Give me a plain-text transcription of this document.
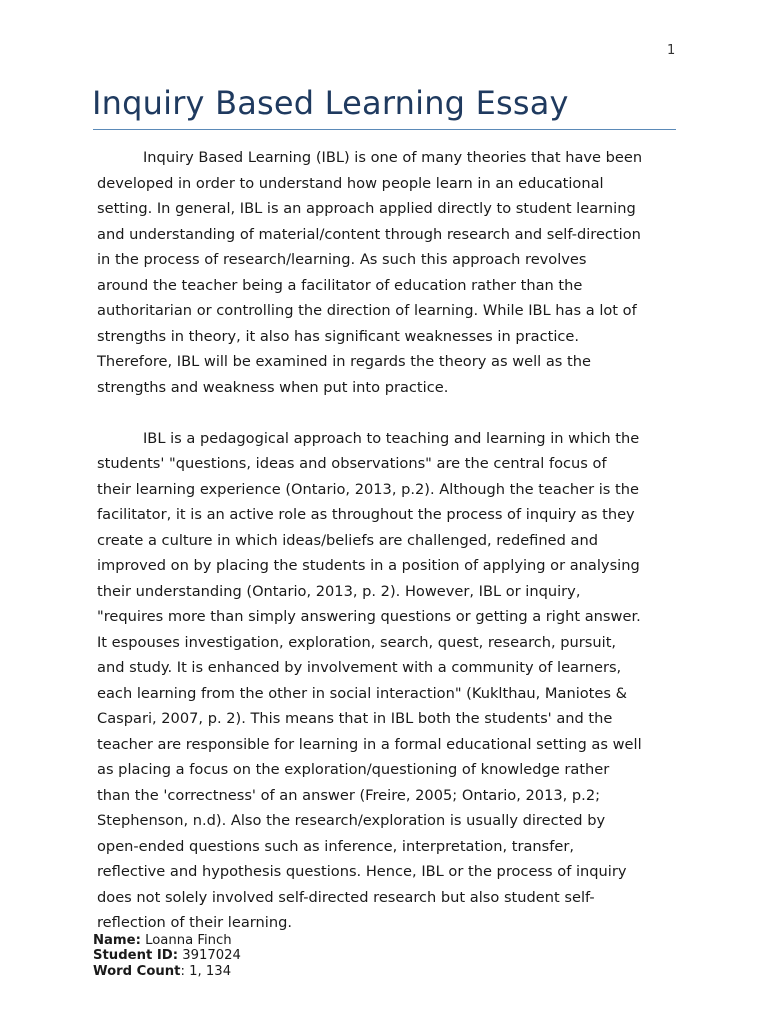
1
Inquiry Based Learning Essay
Inquiry Based Learning (IBL) is one of many theories that have been
developed in order to understand how people learn in an educational
setting. In general, IBL is an approach applied directly to student learning
and understanding of material/content through research and self-direction
in the process of research/learning. As such this approach revolves
around the teacher being a facilitator of education rather than the
authoritarian or controlling the direction of learning. While IBL has a lot of
strengths in theory, it also has significant weaknesses in practice.
Therefore, IBL will be examined in regards the theory as well as the
strengths and weakness when put into practice.
IBL is a pedagogical approach to teaching and learning in which the
students' "questions, ideas and observations" are the central focus of
their learning experience (Ontario, 2013, p.2). Although the teacher is the
facilitator, it is an active role as throughout the process of inquiry as they
create a culture in which ideas/beliefs are challenged, redefined and
improved on by placing the students in a position of applying or analysing
their understanding (Ontario, 2013, p. 2). However, IBL or inquiry,
"requires more than simply answering questions or getting a right answer.
It espouses investigation, exploration, search, quest, research, pursuit,
and study. It is enhanced by involvement with a community of learners,
each learning from the other in social interaction" (Kuklthau, Maniotes &
Caspari, 2007, p. 2). This means that in IBL both the students' and the
teacher are responsible for learning in a formal educational setting as well
as placing a focus on the exploration/questioning of knowledge rather
than the 'correctness' of an answer (Freire, 2005; Ontario, 2013, p.2;
Stephenson, n.d). Also the research/exploration is usually directed by
open-ended questions such as inference, interpretation, transfer,
reflective and hypothesis questions. Hence, IBL or the process of inquiry
does not solely involved self-directed research but also student self-
reflection of their learning.
Name: Loanna Finch
Student ID: 3917024
Word Count: 1, 134
